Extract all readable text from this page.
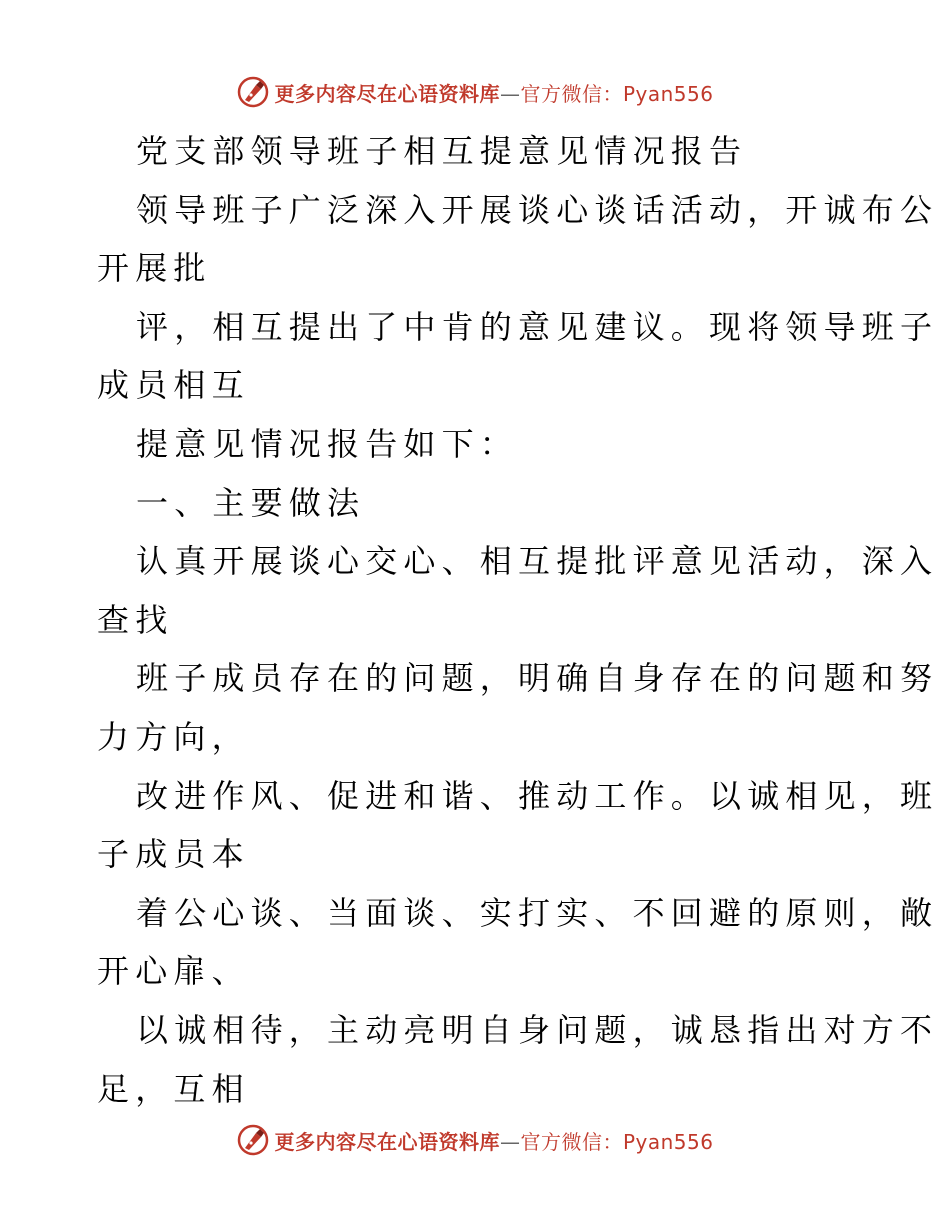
更多内容尽在心语资料库—官方微信：Pyan556
党支部领导班子相互提意见情况报告
领导班子广泛深入开展谈心谈话活动，开诚布公
开展批
评，相互提出了中肯的意见建议。现将领导班子
成员相互
提意见情况报告如下：
一、主要做法
认真开展谈心交心、相互提批评意见活动，深入
查找
班子成员存在的问题，明确自身存在的问题和努
力方向，
改进作风、促进和谐、推动工作。以诚相见，班
子成员本
着公心谈、当面谈、实打实、不回避的原则，敞
开心扉、
以诚相待，主动亮明自身问题，诚恳指出对方不
足，互相
更多内容尽在心语资料库—官方微信：Pyan556
